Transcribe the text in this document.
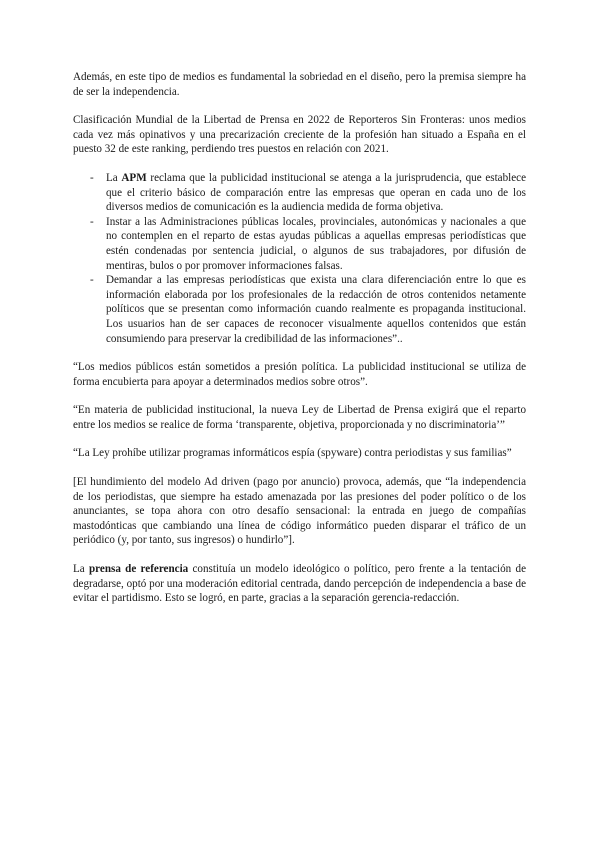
Además, en este tipo de medios es fundamental la sobriedad en el diseño, pero la premisa siempre ha de ser la independencia.

Clasificación Mundial de la Libertad de Prensa en 2022 de Reporteros Sin Fronteras: unos medios cada vez más opinativos y una precarización creciente de la profesión han situado a España en el puesto 32 de este ranking, perdiendo tres puestos en relación con 2021.

- La APM reclama que la publicidad institucional se atenga a la jurisprudencia, que establece que el criterio básico de comparación entre las empresas que operan en cada uno de los diversos medios de comunicación es la audiencia medida de forma objetiva.
- Instar a las Administraciones públicas locales, provinciales, autonómicas y nacionales a que no contemplen en el reparto de estas ayudas públicas a aquellas empresas periodísticas que estén condenadas por sentencia judicial, o algunos de sus trabajadores, por difusión de mentiras, bulos o por promover informaciones falsas.
- Demandar a las empresas periodísticas que exista una clara diferenciación entre lo que es información elaborada por los profesionales de la redacción de otros contenidos netamente políticos que se presentan como información cuando realmente es propaganda institucional. Los usuarios han de ser capaces de reconocer visualmente aquellos contenidos que están consumiendo para preservar la credibilidad de las informaciones”..

“Los medios públicos están sometidos a presión política. La publicidad institucional se utiliza de forma encubierta para apoyar a determinados medios sobre otros”.

“En materia de publicidad institucional, la nueva Ley de Libertad de Prensa exigirá que el reparto entre los medios se realice de forma ‘transparente, objetiva, proporcionada y no discriminatoria’”

“La Ley prohíbe utilizar programas informáticos espía (spyware) contra periodistas y sus familias”

[El hundimiento del modelo Ad driven (pago por anuncio) provoca, además, que “la independencia de los periodistas, que siempre ha estado amenazada por las presiones del poder político o de los anunciantes, se topa ahora con otro desafío sensacional: la entrada en juego de compañías mastodónticas que cambiando una línea de código informático pueden disparar el tráfico de un periódico (y, por tanto, sus ingresos) o hundirlo”].

La prensa de referencia constituía un modelo ideológico o político, pero frente a la tentación de degradarse, optó por una moderación editorial centrada, dando percepción de independencia a base de evitar el partidismo. Esto se logró, en parte, gracias a la separación gerencia-redacción.
